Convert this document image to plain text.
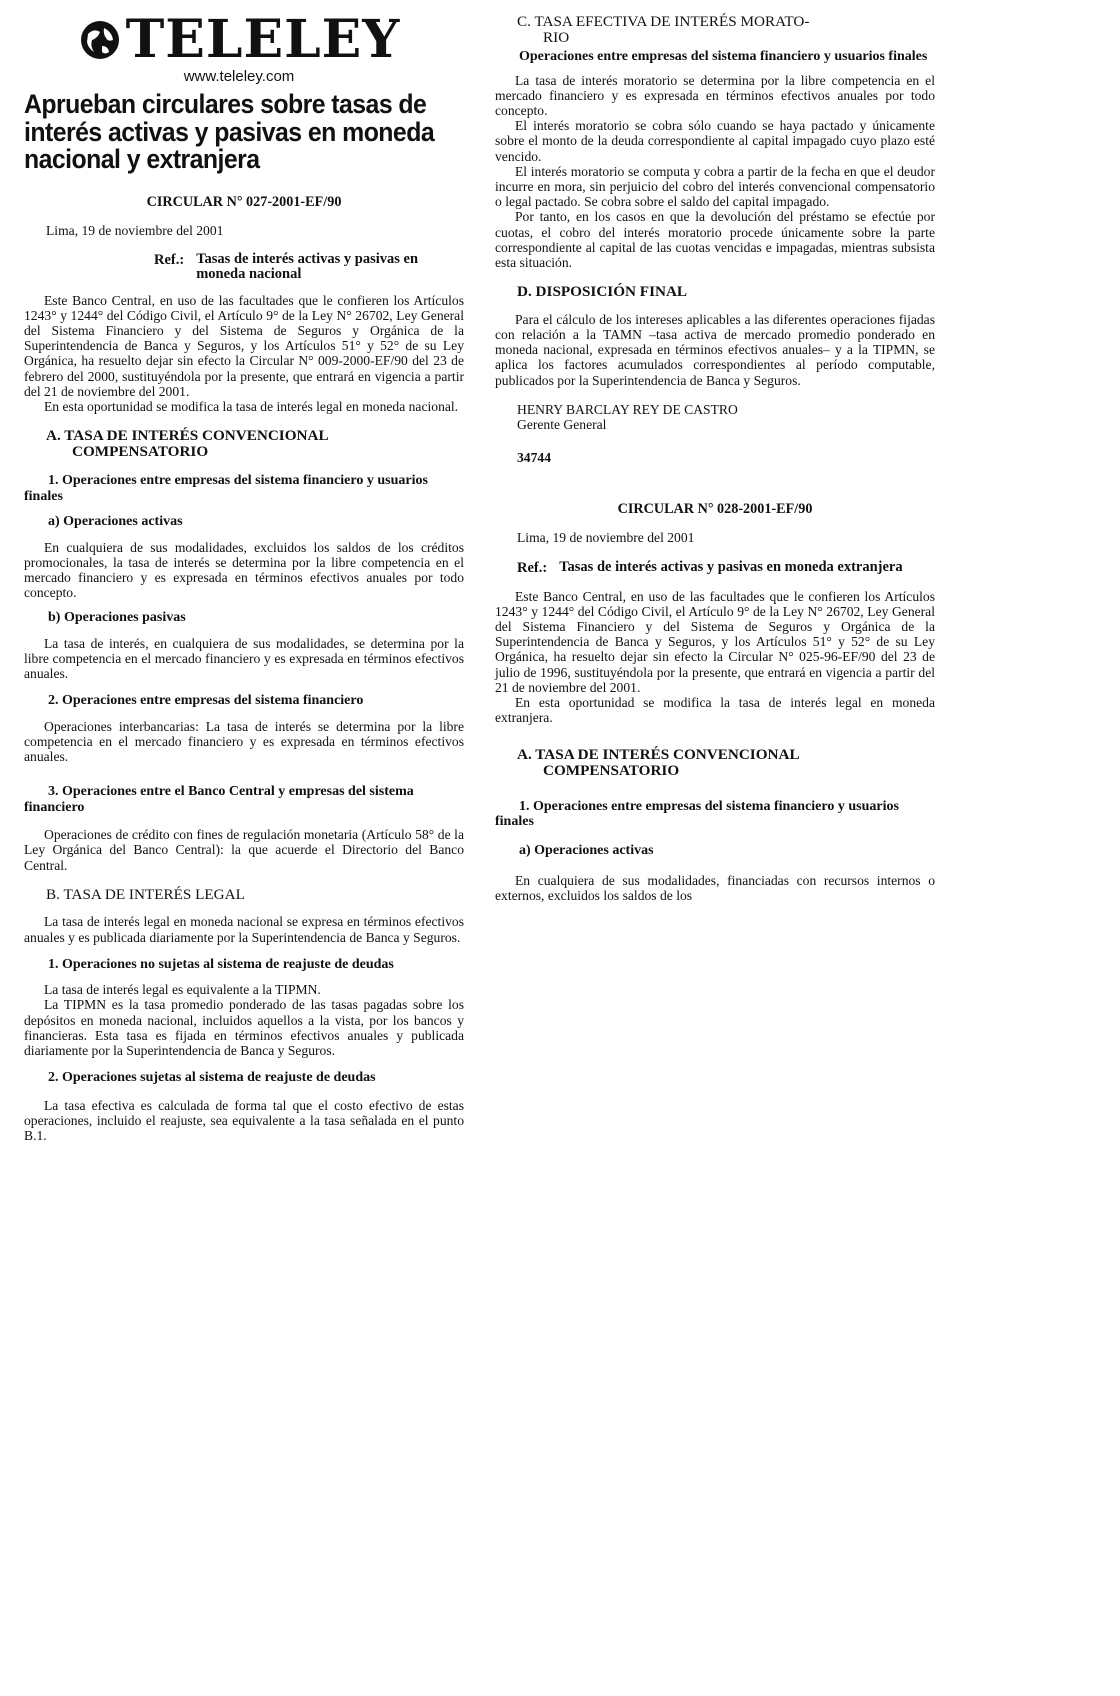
TELELEY
www.teleley.com
Aprueban circulares sobre tasas de interés activas y pasivas en moneda nacional y extranjera
CIRCULAR N° 027-2001-EF/90

Lima, 19 de noviembre del 2001

Ref.: Tasas de interés activas y pasivas en moneda nacional

Este Banco Central, en uso de las facultades que le confieren los Artículos 1243° y 1244° del Código Civil, el Artículo 9° de la Ley N° 26702, Ley General del Sistema Financiero y del Sistema de Seguros y Orgánica de la Superintendencia de Banca y Seguros, y los Artículos 51° y 52° de su Ley Orgánica, ha resuelto dejar sin efecto la Circular N° 009-2000-EF/90 del 23 de febrero del 2000, sustituyéndola por la presente, que entrará en vigencia a partir del 21 de noviembre del 2001.

En esta oportunidad se modifica la tasa de interés legal en moneda nacional.

A. TASA DE INTERÉS CONVENCIONAL
COMPENSATORIO
1. Operaciones entre empresas del sistema financiero y usuarios finales
a) Operaciones activas

En cualquiera de sus modalidades, excluidos los saldos de los créditos promocionales, la tasa de interés se determina por la libre competencia en el mercado financiero y es expresada en términos efectivos anuales por todo concepto.

b) Operaciones pasivas

La tasa de interés, en cualquiera de sus modalidades, se determina por la libre competencia en el mercado financiero y es expresada en términos efectivos anuales.

2. Operaciones entre empresas del sistema financiero

Operaciones interbancarias: La tasa de interés se determina por la libre competencia en el mercado financiero y es expresada en términos efectivos anuales.

3. Operaciones entre el Banco Central y empresas del sistema financiero

Operaciones de crédito con fines de regulación monetaria (Artículo 58° de la Ley Orgánica del Banco Central): la que acuerde el Directorio del Banco Central.

B. TASA DE INTERÉS LEGAL

La tasa de interés legal en moneda nacional se expresa en términos efectivos anuales y es publicada diariamente por la Superintendencia de Banca y Seguros.

1. Operaciones no sujetas al sistema de reajuste de deudas

La tasa de interés legal es equivalente a la TIPMN.

La TIPMN es la tasa promedio ponderado de las tasas pagadas sobre los depósitos en moneda nacional, incluidos aquellos a la vista, por los bancos y financieras. Esta tasa es fijada en términos efectivos anuales y publicada diariamente por la Superintendencia de Banca y Seguros.

2. Operaciones sujetas al sistema de reajuste de deudas

La tasa efectiva es calculada de forma tal que el costo efectivo de estas operaciones, incluido el reajuste, sea equivalente a la tasa señalada en el punto B.1.

C. TASA EFECTIVA DE INTERÉS MORATO-
RIO
Operaciones entre empresas del sistema financiero y usuarios finales

La tasa de interés moratorio se determina por la libre competencia en el mercado financiero y es expresada en términos efectivos anuales por todo concepto.

El interés moratorio se cobra sólo cuando se haya pactado y únicamente sobre el monto de la deuda correspondiente al capital impagado cuyo plazo esté vencido.

El interés moratorio se computa y cobra a partir de la fecha en que el deudor incurre en mora, sin perjuicio del cobro del interés convencional compensatorio o legal pactado. Se cobra sobre el saldo del capital impagado.

Por tanto, en los casos en que la devolución del préstamo se efectúe por cuotas, el cobro del interés moratorio procede únicamente sobre la parte correspondiente al capital de las cuotas vencidas e impagadas, mientras subsista esta situación.

D. DISPOSICIÓN FINAL

Para el cálculo de los intereses aplicables a las diferentes operaciones fijadas con relación a la TAMN –tasa activa de mercado promedio ponderado en moneda nacional, expresada en términos efectivos anuales– y a la TIPMN, se aplica los factores acumulados correspondientes al período computable, publicados por la Superintendencia de Banca y Seguros.

HENRY BARCLAY REY DE CASTRO

Gerente General

34744

CIRCULAR N° 028-2001-EF/90

Lima, 19 de noviembre del 2001

Ref.: Tasas de interés activas y pasivas en moneda extranjera

Este Banco Central, en uso de las facultades que le confieren los Artículos 1243° y 1244° del Código Civil, el Artículo 9° de la Ley N° 26702, Ley General del Sistema Financiero y del Sistema de Seguros y Orgánica de la Superintendencia de Banca y Seguros, y los Artículos 51° y 52° de su Ley Orgánica, ha resuelto dejar sin efecto la Circular N° 025-96-EF/90 del 23 de julio de 1996, sustituyéndola por la presente, que entrará en vigencia a partir del 21 de noviembre del 2001.

En esta oportunidad se modifica la tasa de interés legal en moneda extranjera.

A. TASA DE INTERÉS CONVENCIONAL
COMPENSATORIO
1. Operaciones entre empresas del sistema financiero y usuarios finales
a) Operaciones activas

En cualquiera de sus modalidades, financiadas con recursos internos o externos, excluidos los saldos de los
